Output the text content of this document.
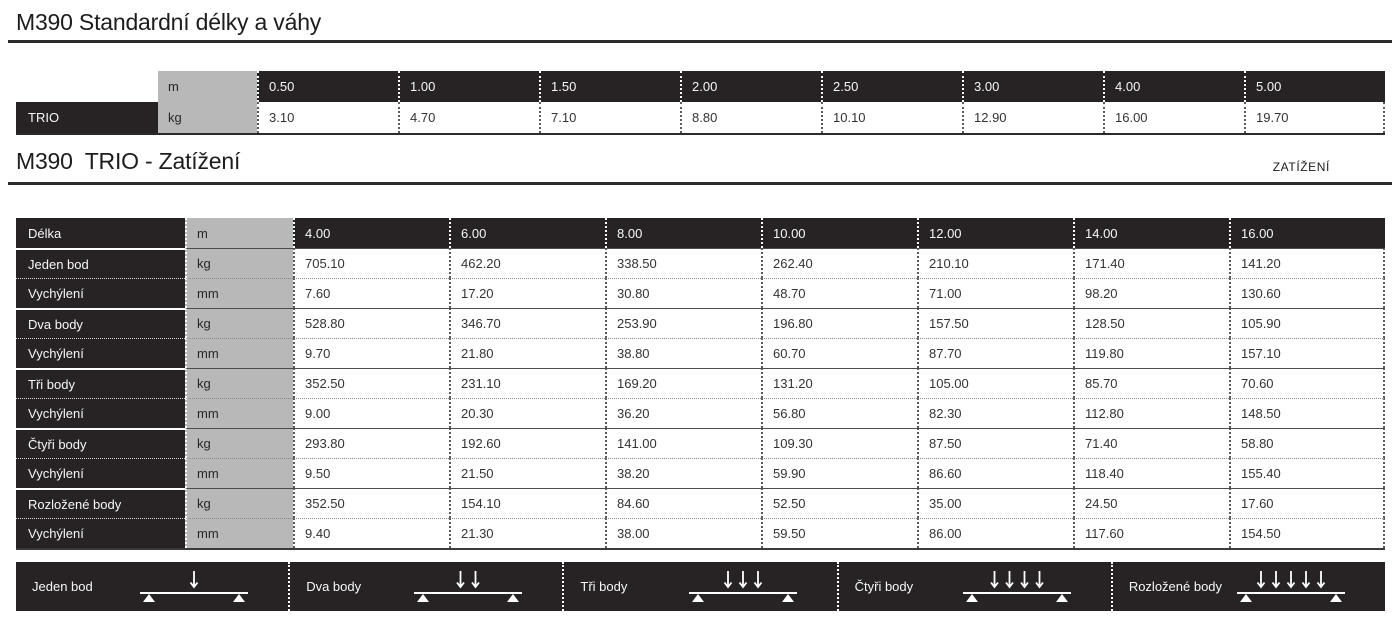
M390 Standardní délky a váhy
m	0.50	1.00	1.50	2.00	2.50	3.00	4.00	5.00
TRIO	kg	3.10	4.70	7.10	8.80	10.10	12.90	16.00	19.70
M390  TRIO - Zatížení	ZATÍŽENÍ
Délka	m	4.00	6.00	8.00	10.00	12.00	14.00	16.00
Jeden bod	kg	705.10	462.20	338.50	262.40	210.10	171.40	141.20
Vychýlení	mm	7.60	17.20	30.80	48.70	71.00	98.20	130.60
Dva body	kg	528.80	346.70	253.90	196.80	157.50	128.50	105.90
Vychýlení	mm	9.70	21.80	38.80	60.70	87.70	119.80	157.10
Tři body	kg	352.50	231.10	169.20	131.20	105.00	85.70	70.60
Vychýlení	mm	9.00	20.30	36.20	56.80	82.30	112.80	148.50
Čtyři body	kg	293.80	192.60	141.00	109.30	87.50	71.40	58.80
Vychýlení	mm	9.50	21.50	38.20	59.90	86.60	118.40	155.40
Rozložené body	kg	352.50	154.10	84.60	52.50	35.00	24.50	17.60
Vychýlení	mm	9.40	21.30	38.00	59.50	86.00	117.60	154.50
Jeden bod	Dva body	Tři body	Čtyři body	Rozložené body
